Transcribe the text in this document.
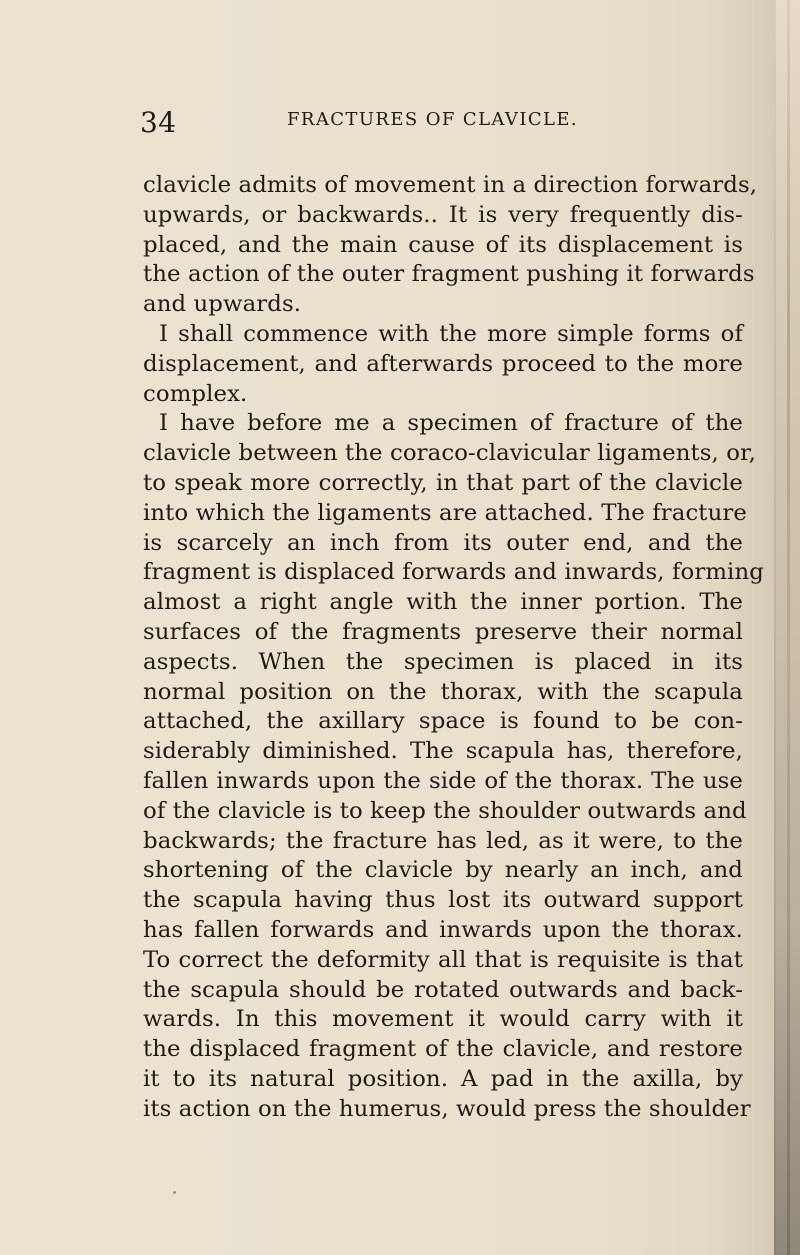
34	FRACTURES OF CLAVICLE.
clavicle admits of movement in a direction forwards,
upwards, or backwards.. It is very frequently dis-
placed, and the main cause of its displacement is
the action of the outer fragment pushing it forwards
and upwards.
I shall commence with the more simple forms of
displacement, and afterwards proceed to the more
complex.
I have before me a specimen of fracture of the
clavicle between the coraco-clavicular ligaments, or,
to speak more correctly, in that part of the clavicle
into which the ligaments are attached. The fracture
is scarcely an inch from its outer end, and the
fragment is displaced forwards and inwards, forming
almost a right angle with the inner portion. The
surfaces of the fragments preserve their normal
aspects. When the specimen is placed in its
normal position on the thorax, with the scapula
attached, the axillary space is found to be con-
siderably diminished. The scapula has, therefore,
fallen inwards upon the side of the thorax. The use
of the clavicle is to keep the shoulder outwards and
backwards; the fracture has led, as it were, to the
shortening of the clavicle by nearly an inch, and
the scapula having thus lost its outward support
has fallen forwards and inwards upon the thorax.
To correct the deformity all that is requisite is that
the scapula should be rotated outwards and back-
wards. In this movement it would carry with it
the displaced fragment of the clavicle, and restore
it to its natural position. A pad in the axilla, by
its action on the humerus, would press the shoulder
